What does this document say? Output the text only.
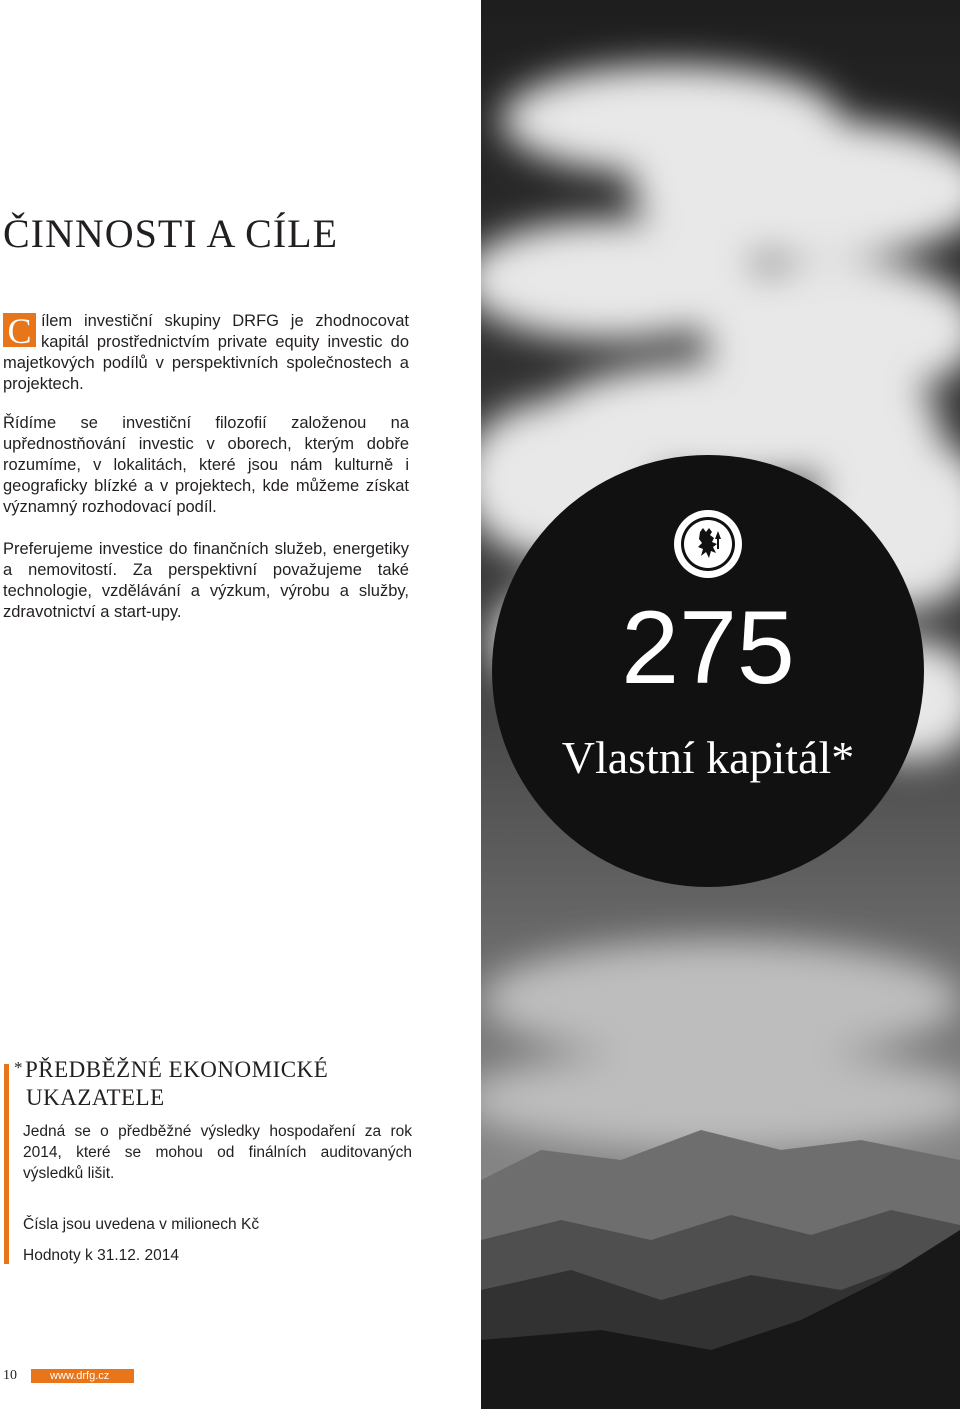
ČINNOSTI A CÍLE

C ílem investiční skupiny DRFG je zhodnocovat kapitál prostřednictvím private equity investic do majetkových podílů v perspektivních společnostech a projektech.

Řídíme se investiční filozofií založenou na upřednostňování investic v oborech, kterým dobře rozumíme, v lokalitách, které jsou nám kulturně i geograficky blízké a v projektech, kde můžeme získat významný rozhodovací podíl.

Preferujeme investice do finančních služeb, energetiky a nemovitostí. Za perspektivní považujeme také technologie, vzdělávání a výzkum, výrobu a služby, zdravotnictví a start-upy.	275
Vlastní kapitál*
*PŘEDBĚŽNÉ EKONOMICKÉ
UKAZATELE

Jedná se o předběžné výsledky hospodaření za rok 2014, které se mohou od finálních auditovaných výsledků lišit.

Čísla jsou uvedena v milionech Kč

Hodnoty k 31.12. 2014

10	www.drfg.cz
